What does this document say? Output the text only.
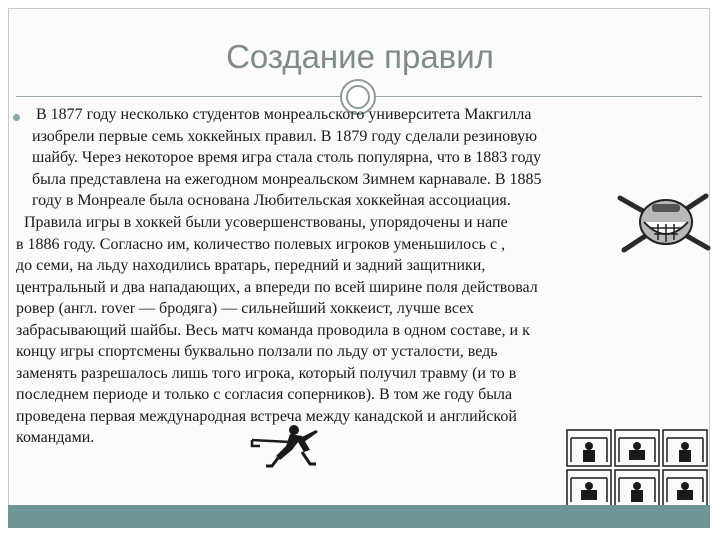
Создание правил
В 1877 году несколько студентов монреальского университета Макгилла
изобрели первые семь хоккейных правил. В 1879 году сделали резиновую
шайбу. Через некоторое время игра стала столь популярна, что в 1883 году
была представлена на ежегодном монреальском Зимнем карнавале. В 1885
году в Монреале была основана Любительская хоккейная ассоциация.
Правила игры в хоккей были усовершенствованы, упорядочены и напе
в 1886 году. Согласно им, количество полевых игроков уменьшилось с ,
до семи, на льду находились вратарь, передний и задний защитники,
центральный и два нападающих, а впереди по всей ширине поля действовал
ровер (англ. rover — бродяга) — сильнейший хоккеист, лучше всех
забрасывающий шайбы. Весь матч команда проводила в одном составе, и к
концу игры спортсмены буквально ползали по льду от усталости, ведь
заменять разрешалось лишь того игрока, который получил травму (и то в
последнем периоде и только с согласия соперников). В том же году была
проведена первая международная встреча между канадской и английской
командами.
